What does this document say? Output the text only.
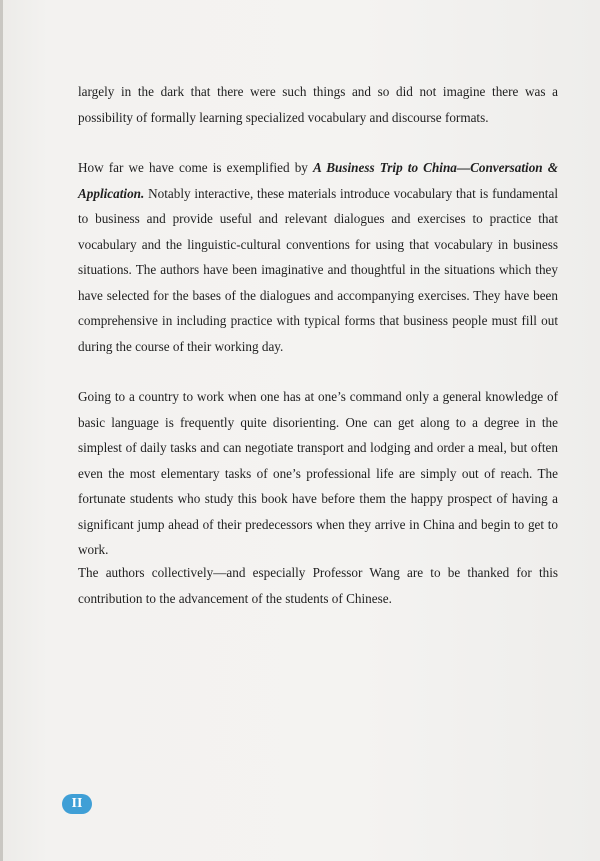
largely in the dark that there were such things and so did not imagine there was a possibility of formally learning specialized vocabulary and discourse formats.

How far we have come is exemplified by A Business Trip to China—Conversation & Application. Notably interactive, these materials introduce vocabulary that is fundamental to business and provide useful and relevant dialogues and exercises to practice that vocabulary and the linguistic-cultural conventions for using that vocabulary in business situations. The authors have been imaginative and thoughtful in the situations which they have selected for the bases of the dialogues and accompanying exercises. They have been comprehensive in including practice with typical forms that business people must fill out during the course of their working day.

Going to a country to work when one has at one’s command only a general knowledge of basic language is frequently quite disorienting. One can get along to a degree in the simplest of daily tasks and can negotiate transport and lodging and order a meal, but often even the most elementary tasks of one’s professional life are simply out of reach. The fortunate students who study this book have before them the happy prospect of having a significant jump ahead of their predecessors when they arrive in China and begin to get to work.

The authors collectively—and especially Professor Wang are to be thanked for this contribution to the advancement of the students of Chinese.

II
